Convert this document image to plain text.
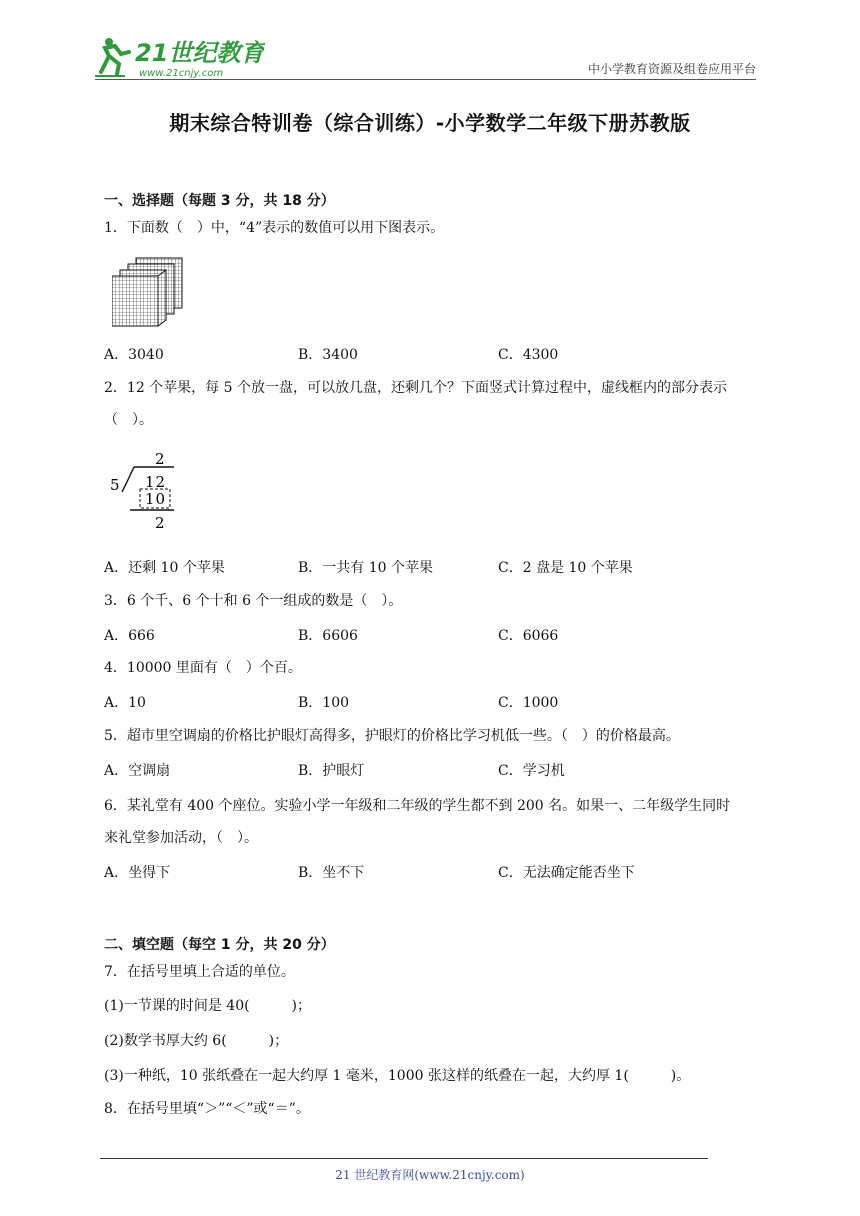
21世纪教育
www.21cnjy.com	中小学教育资源及组卷应用平台
期末综合特训卷（综合训练）-小学数学二年级下册苏教版
一、选择题（每题 3 分，共 18 分）
1．下面数（　）中，“4”表示的数值可以用下图表示。
A．3040	B．3400	C．4300
2．12 个苹果，每 5 个放一盘，可以放几盘，还剩几个？下面竖式计算过程中，虚线框内的部分表示
（　）。
2
5 12
10
2
A．还剩 10 个苹果	B．一共有 10 个苹果	C．2 盘是 10 个苹果
3．6 个千、6 个十和 6 个一组成的数是（　）。
A．666	B．6606	C．6066
4．10000 里面有（　）个百。
A．10	B．100	C．1000
5．超市里空调扇的价格比护眼灯高得多，护眼灯的价格比学习机低一些。（　）的价格最高。
A．空调扇	B．护眼灯	C．学习机
6．某礼堂有 400 个座位。实验小学一年级和二年级的学生都不到 200 名。如果一、二年级学生同时
来礼堂参加活动，（　）。
A．坐得下	B．坐不下	C．无法确定能否坐下
二、填空题（每空 1 分，共 20 分）
7．在括号里填上合适的单位。
(1)一节课的时间是 40(　　　)；
(2)数学书厚大约 6(　　　)；
(3)一种纸，10 张纸叠在一起大约厚 1 毫米，1000 张这样的纸叠在一起，大约厚 1(　　　)。
8．在括号里填“＞”“＜”或“＝”。
21 世纪教育网(www.21cnjy.com)
